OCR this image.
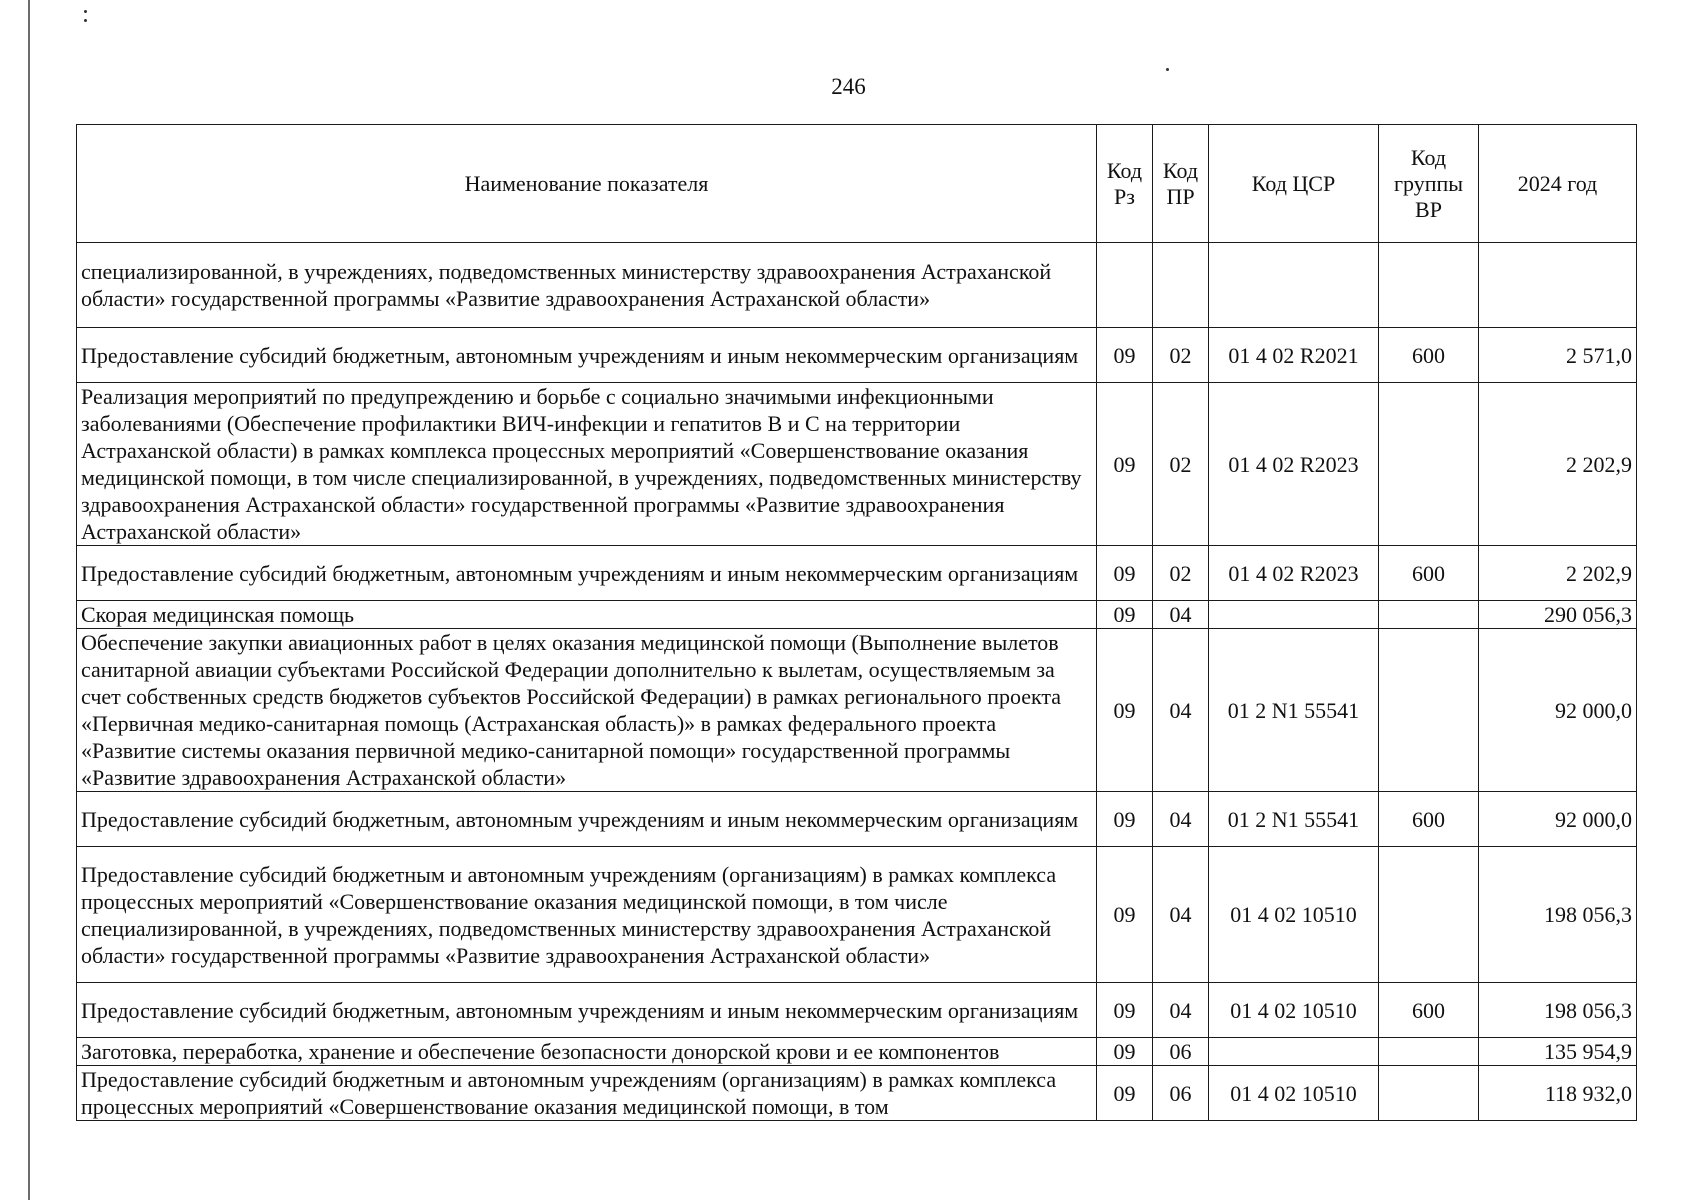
246
Наименование показателя	Код Рз	Код ПР	Код ЦСР	Код группы ВР	2024 год
специализированной, в учреждениях, подведомственных министерству здравоохранения Астраханской области» государственной программы «Развитие здравоохранения Астраханской области»					
Предоставление субсидий бюджетным, автономным учреждениям и иным некоммерческим организациям	09	02	01 4 02 R2021	600	2 571,0
Реализация мероприятий по предупреждению и борьбе с социально значимыми инфекционными заболеваниями (Обеспечение профилактики ВИЧ-инфекции и гепатитов В и С на территории Астраханской области) в рамках комплекса процессных мероприятий «Совершенствование оказания медицинской помощи, в том числе специализированной, в учреждениях, подведомственных министерству здравоохранения Астраханской области» государственной программы «Развитие здравоохранения Астраханской области»	09	02	01 4 02 R2023		2 202,9
Предоставление субсидий бюджетным, автономным учреждениям и иным некоммерческим организациям	09	02	01 4 02 R2023	600	2 202,9
Скорая медицинская помощь	09	04			290 056,3
Обеспечение закупки авиационных работ в целях оказания медицинской помощи (Выполнение вылетов санитарной авиации субъектами Российской Федерации дополнительно к вылетам, осуществляемым за счет собственных средств бюджетов субъектов Российской Федерации) в рамках регионального проекта «Первичная медико-санитарная помощь (Астраханская область)» в рамках федерального проекта «Развитие системы оказания первичной медико-санитарной помощи» государственной программы «Развитие здравоохранения Астраханской области»	09	04	01 2 N1 55541		92 000,0
Предоставление субсидий бюджетным, автономным учреждениям и иным некоммерческим организациям	09	04	01 2 N1 55541	600	92 000,0
Предоставление субсидий бюджетным и автономным учреждениям (организациям) в рамках комплекса процессных мероприятий «Совершенствование оказания медицинской помощи, в том числе специализированной, в учреждениях, подведомственных министерству здравоохранения Астраханской области» государственной программы «Развитие здравоохранения Астраханской области»	09	04	01 4 02 10510		198 056,3
Предоставление субсидий бюджетным, автономным учреждениям и иным некоммерческим организациям	09	04	01 4 02 10510	600	198 056,3
Заготовка, переработка, хранение и обеспечение безопасности донорской крови и ее компонентов	09	06			135 954,9
Предоставление субсидий бюджетным и автономным учреждениям (организациям) в рамках комплекса процессных мероприятий «Совершенствование оказания медицинской помощи, в том	09	06	01 4 02 10510		118 932,0
